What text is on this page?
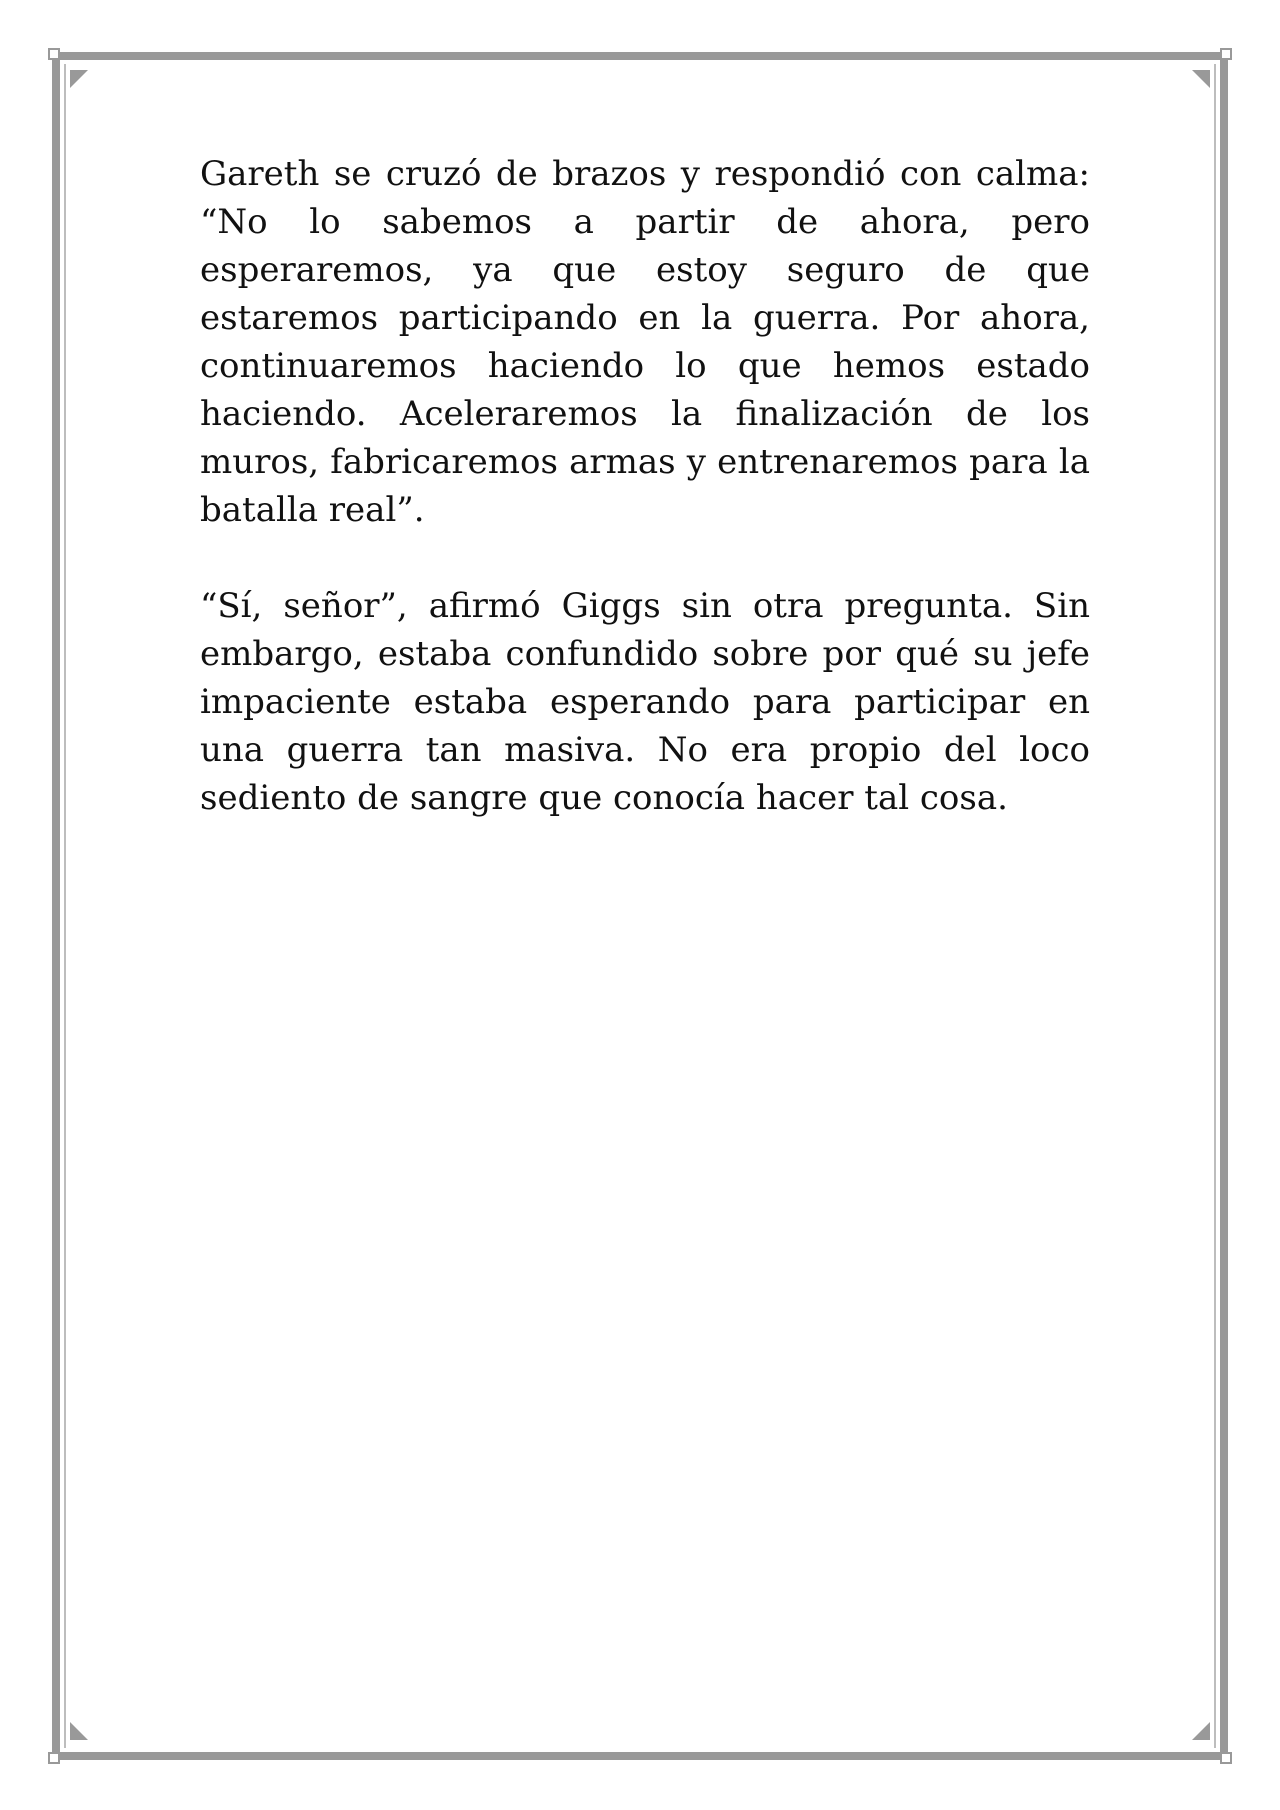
Gareth se cruzó de brazos y respondió con calma: “No lo sabemos a partir de ahora, pero esperaremos, ya que estoy seguro de que estaremos participando en la guerra. Por ahora, continuaremos haciendo lo que hemos estado haciendo. Aceleraremos la finalización de los muros, fabricaremos armas y entrenaremos para la batalla real”.

“Sí, señor”, afirmó Giggs sin otra pregunta. Sin embargo, estaba confundido sobre por qué su jefe impaciente estaba esperando para participar en una guerra tan masiva. No era propio del loco sediento de sangre que conocía hacer tal cosa.
